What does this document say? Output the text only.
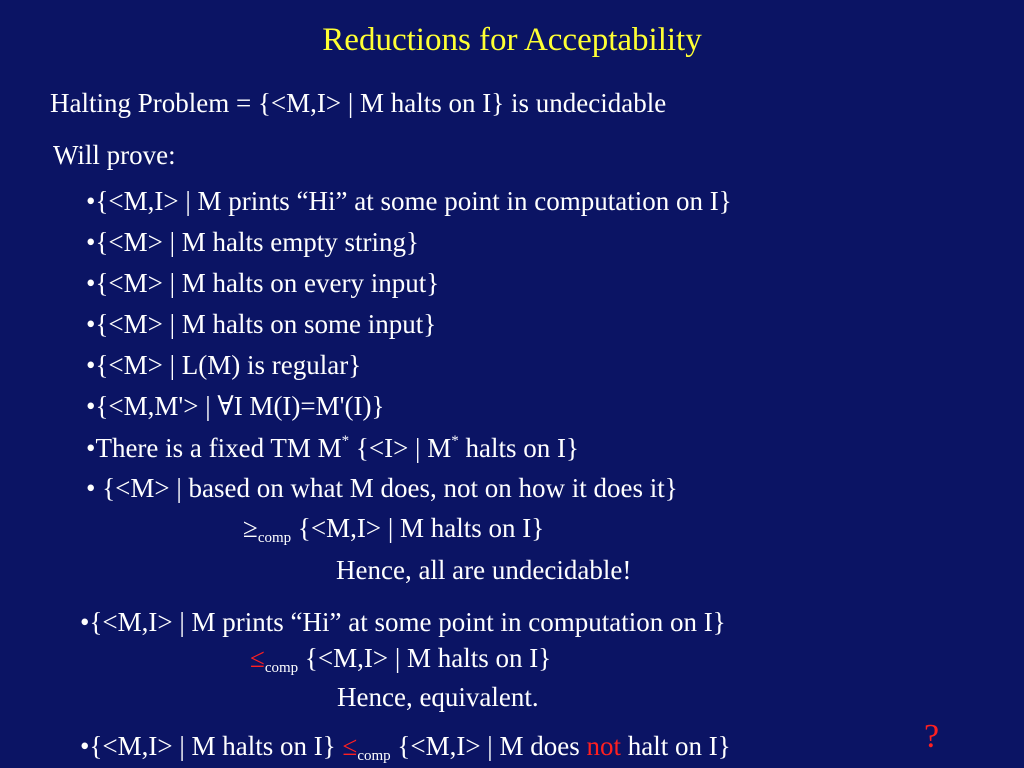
Reductions for Acceptability
Halting Problem = {<M,I> | M halts on I} is undecidable
Will prove:
•{<M,I> | M prints “Hi” at some point in computation on I}
•{<M> | M halts empty string}
•{<M> | M halts on every input}
•{<M> | M halts on some input}
•{<M> | L(M) is regular}
•{<M,M'> | ∀I M(I)=M'(I)}
•There is a fixed TM M* {<I> | M* halts on I}
• {<M> | based on what M does, not on how it does it}
$\ge_{comp}$ {<M,I> | M halts on I}
Hence, all are undecidable!
•{<M,I> | M prints “Hi” at some point in computation on I}
$\le_{comp}$ {<M,I> | M halts on I}
Hence, equivalent.
•{<M,I> | M halts on $I\} \le_{comp}$ {<M,I> | M does not halt on I}	?
